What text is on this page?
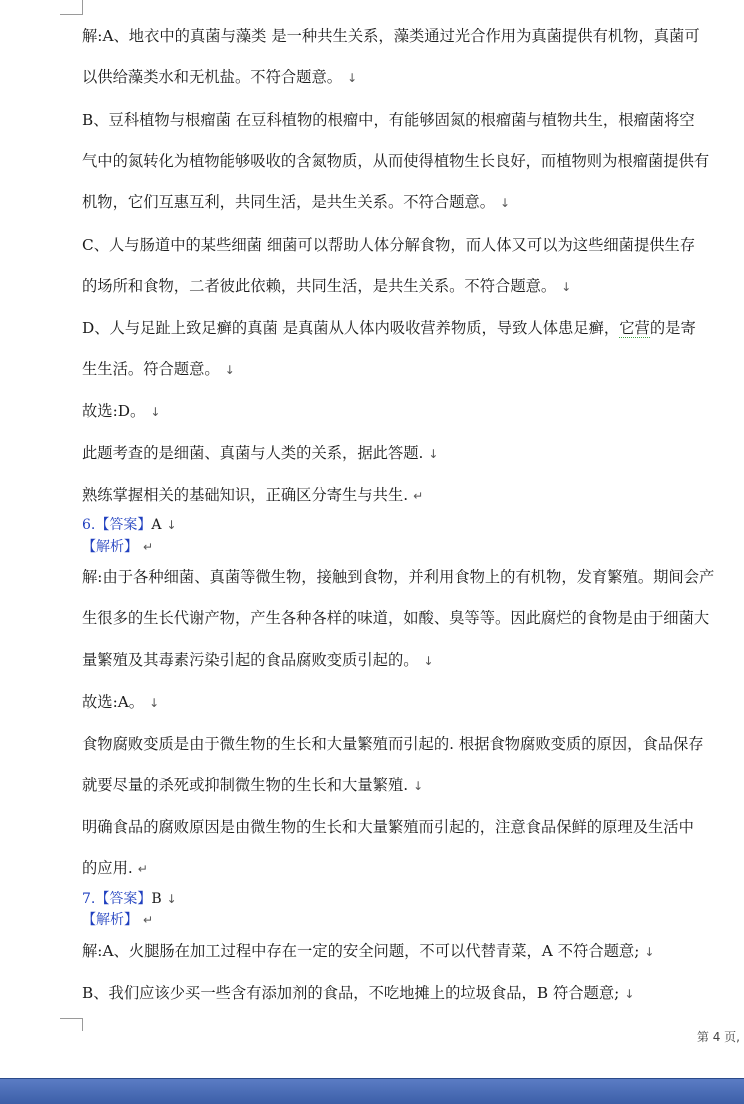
解:A、地衣中的真菌与藻类 是一种共生关系，藻类通过光合作用为真菌提供有机物，真菌可
以供给藻类水和无机盐。不符合题意。 ↓
B、豆科植物与根瘤菌 在豆科植物的根瘤中，有能够固氮的根瘤菌与植物共生，根瘤菌将空
气中的氮转化为植物能够吸收的含氮物质，从而使得植物生长良好，而植物则为根瘤菌提供有
机物，它们互惠互利，共同生活，是共生关系。不符合题意。 ↓
C、人与肠道中的某些细菌 细菌可以帮助人体分解食物，而人体又可以为这些细菌提供生存
的场所和食物，二者彼此依赖，共同生活，是共生关系。不符合题意。 ↓
D、人与足趾上致足癣的真菌 是真菌从人体内吸收营养物质，导致人体患足癣，它营的是寄
生生活。符合题意。 ↓
故选:D。 ↓
此题考查的是细菌、真菌与人类的关系，据此答题. ↓
熟练掌握相关的基础知识，正确区分寄生与共生. ↵
6.【答案】A ↓
【解析】 ↵
解:由于各种细菌、真菌等微生物，接触到食物，并利用食物上的有机物，发育繁殖。期间会产
生很多的生长代谢产物，产生各种各样的味道，如酸、臭等等。因此腐烂的食物是由于细菌大
量繁殖及其毒素污染引起的食品腐败变质引起的。 ↓
故选:A。 ↓
食物腐败变质是由于微生物的生长和大量繁殖而引起的. 根据食物腐败变质的原因，食品保存
就要尽量的杀死或抑制微生物的生长和大量繁殖. ↓
明确食品的腐败原因是由微生物的生长和大量繁殖而引起的，注意食品保鲜的原理及生活中
的应用. ↵
7.【答案】B ↓
【解析】 ↵
解:A、火腿肠在加工过程中存在一定的安全问题，不可以代替青菜，A 不符合题意; ↓
B、我们应该少买一些含有添加剂的食品，不吃地摊上的垃圾食品，B 符合题意; ↓
第 4 页,
